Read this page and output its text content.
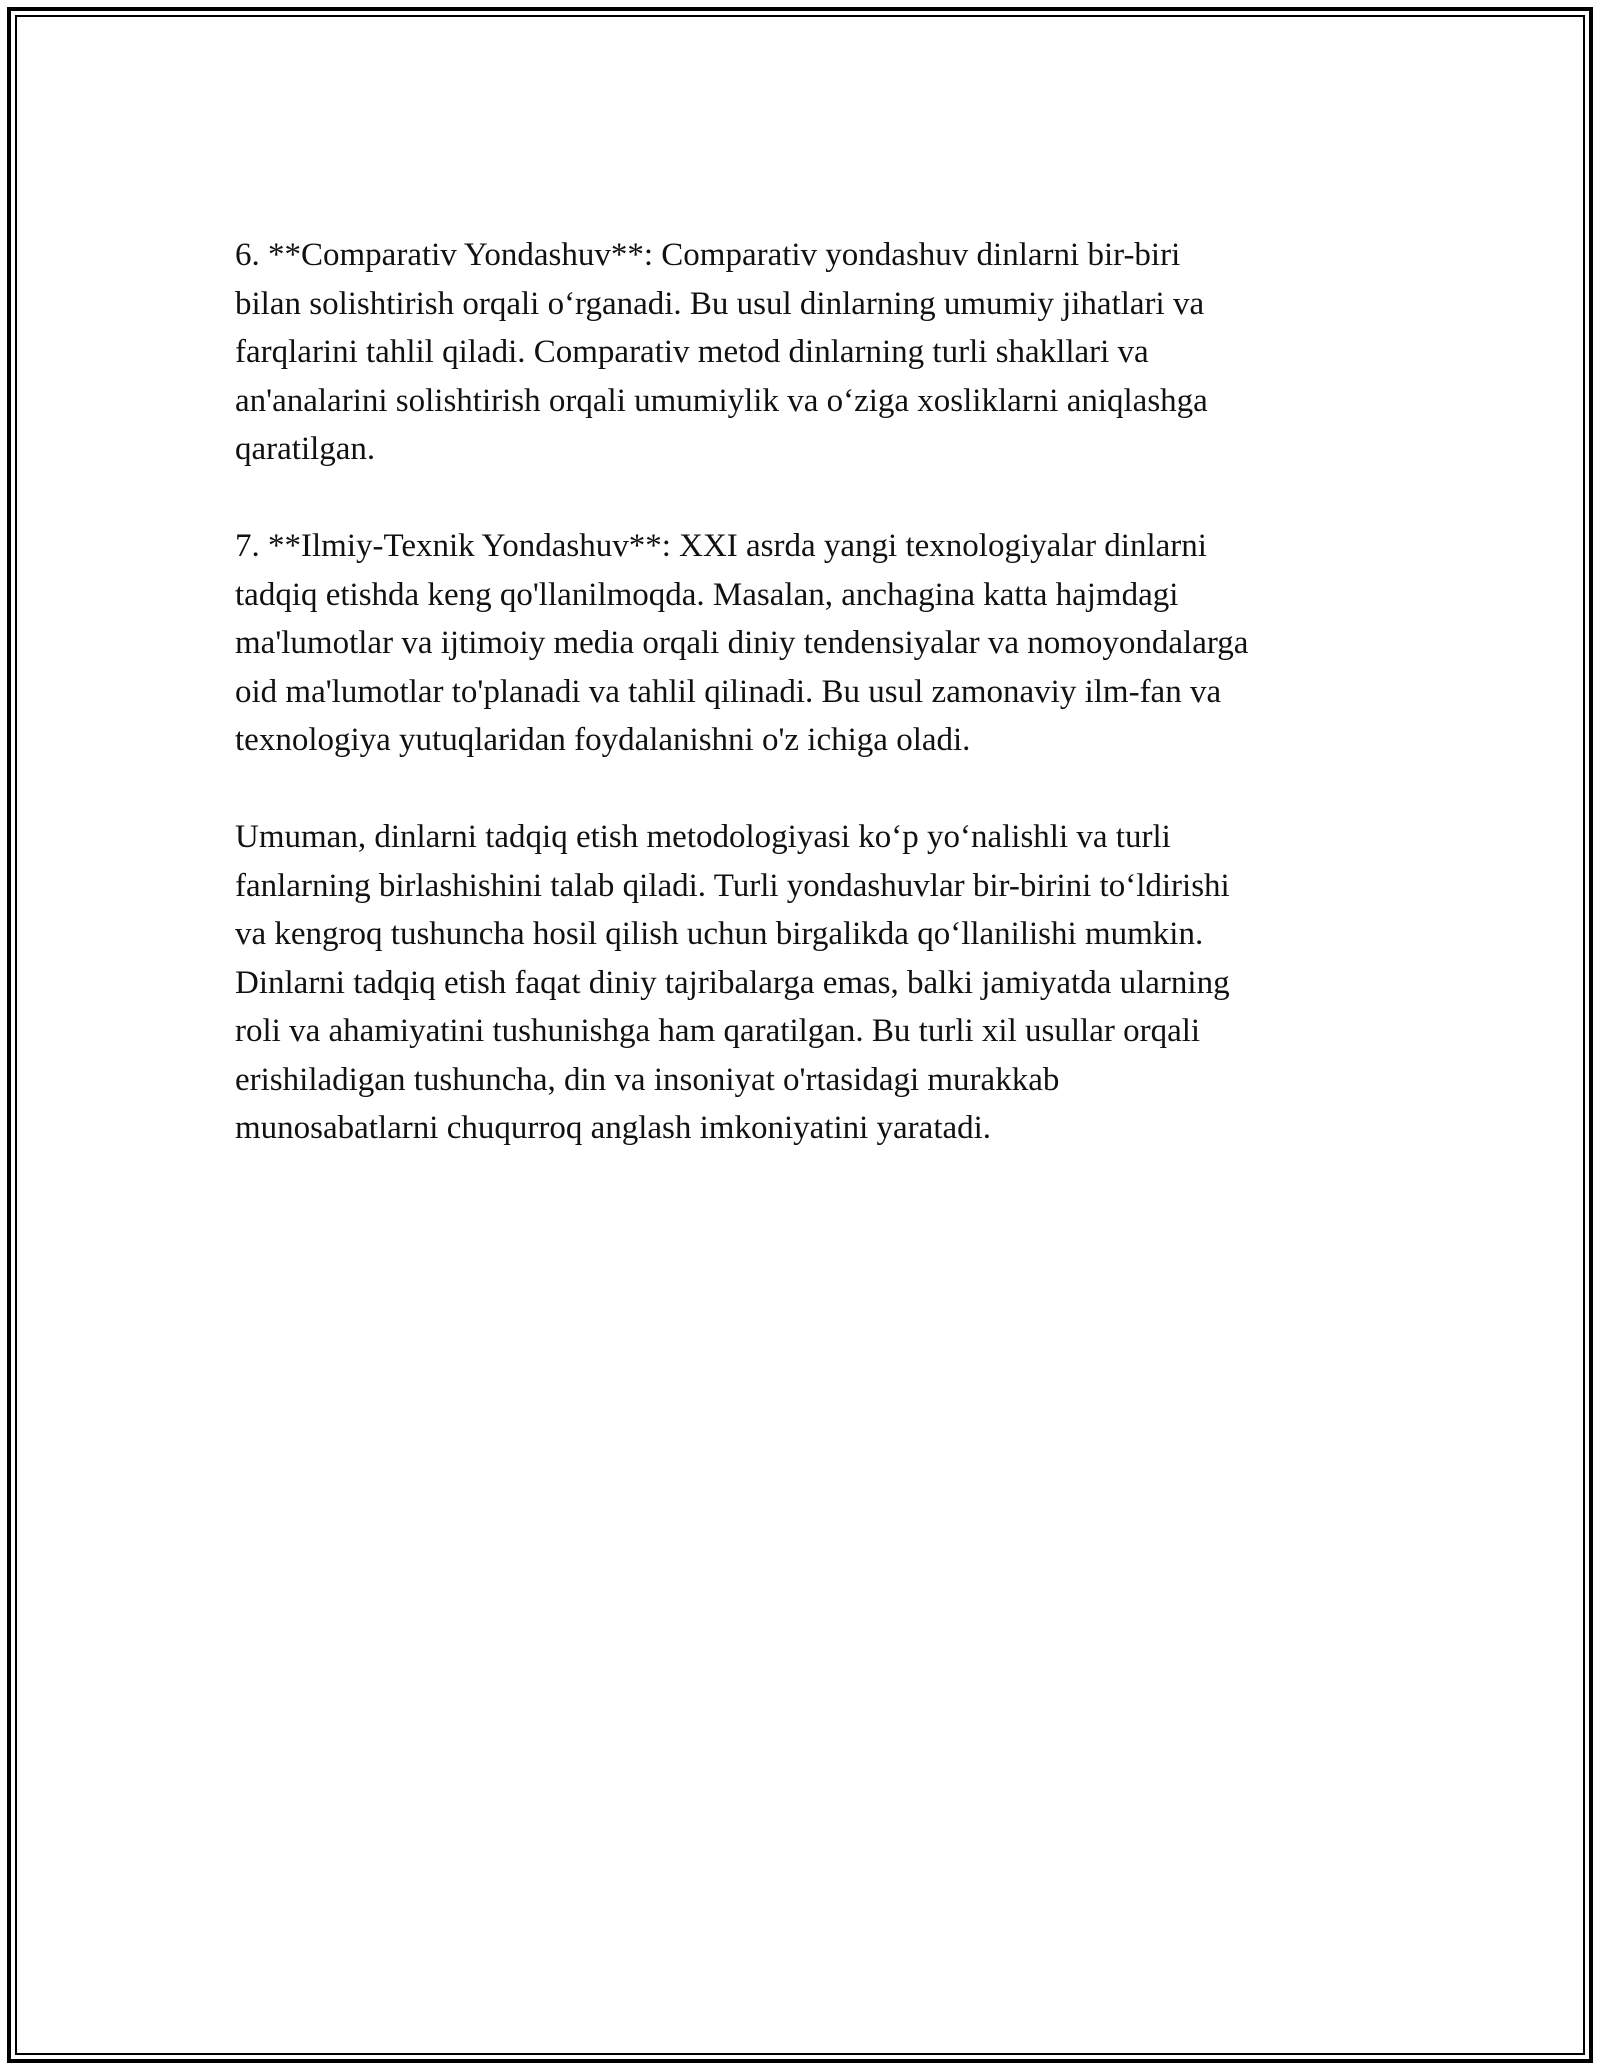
6. **Comparativ Yondashuv**: Comparativ yondashuv dinlarni bir-biri
bilan solishtirish orqali o‘rganadi. Bu usul dinlarning umumiy jihatlari va
farqlarini tahlil qiladi. Comparativ metod dinlarning turli shakllari va
an'analarini solishtirish orqali umumiylik va o‘ziga xosliklarni aniqlashga
qaratilgan.

7. **Ilmiy-Texnik Yondashuv**: XXI asrda yangi texnologiyalar dinlarni
tadqiq etishda keng qo'llanilmoqda. Masalan, anchagina katta hajmdagi
ma'lumotlar va ijtimoiy media orqali diniy tendensiyalar va nomoyondalarga
oid ma'lumotlar to'planadi va tahlil qilinadi. Bu usul zamonaviy ilm-fan va
texnologiya yutuqlaridan foydalanishni o'z ichiga oladi.

Umuman, dinlarni tadqiq etish metodologiyasi ko‘p yo‘nalishli va turli
fanlarning birlashishini talab qiladi. Turli yondashuvlar bir-birini to‘ldirishi
va kengroq tushuncha hosil qilish uchun birgalikda qo‘llanilishi mumkin.
Dinlarni tadqiq etish faqat diniy tajribalarga emas, balki jamiyatda ularning
roli va ahamiyatini tushunishga ham qaratilgan. Bu turli xil usullar orqali
erishiladigan tushuncha, din va insoniyat o'rtasidagi murakkab
munosabatlarni chuqurroq anglash imkoniyatini yaratadi.
